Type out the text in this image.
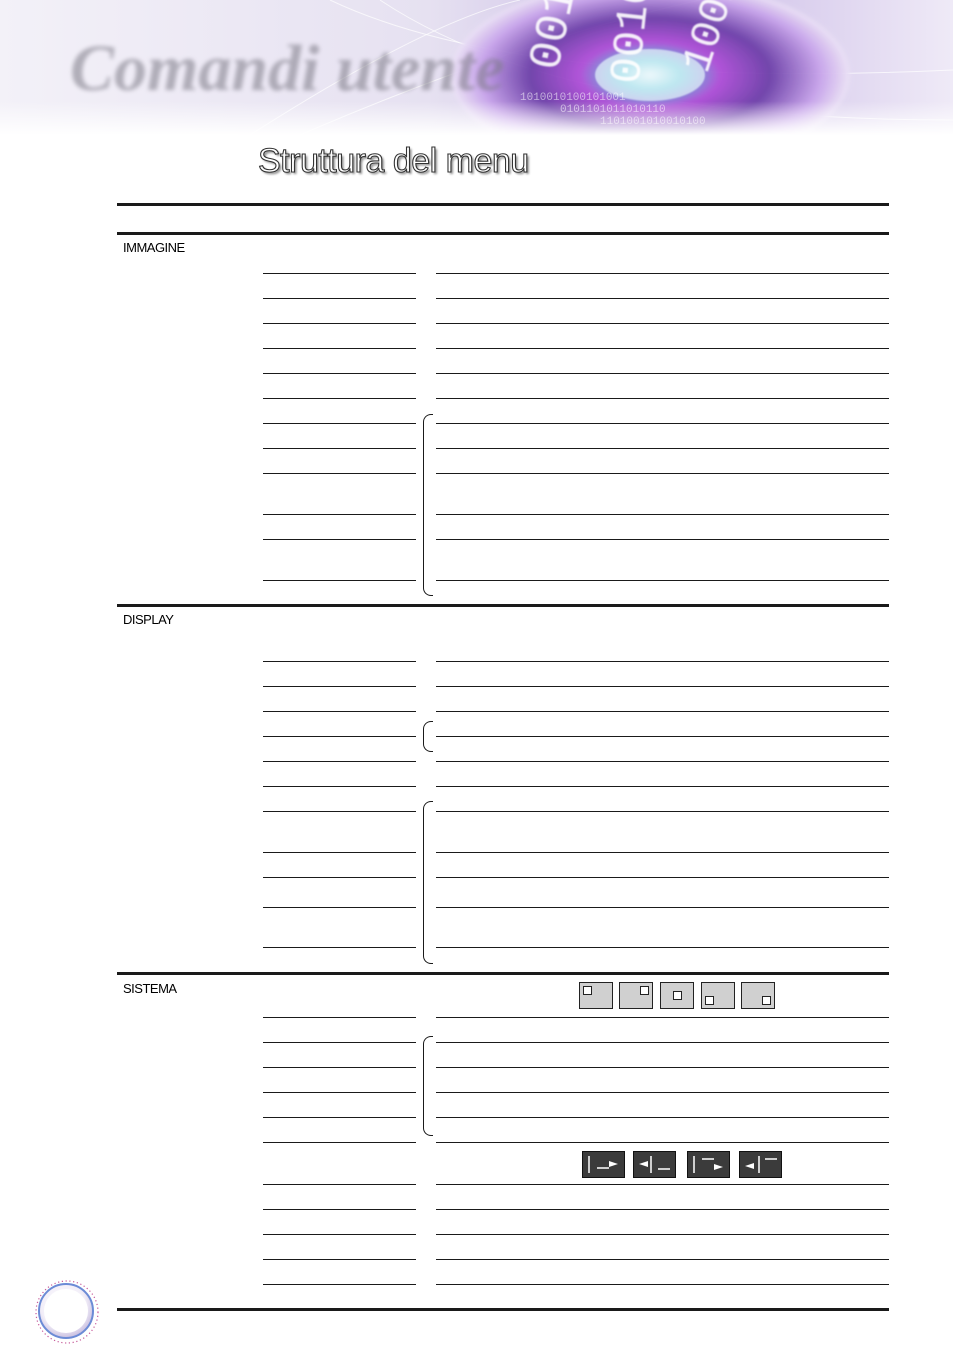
Struttura del menu
IMMAGINE
DISPLAY
SISTEMA
